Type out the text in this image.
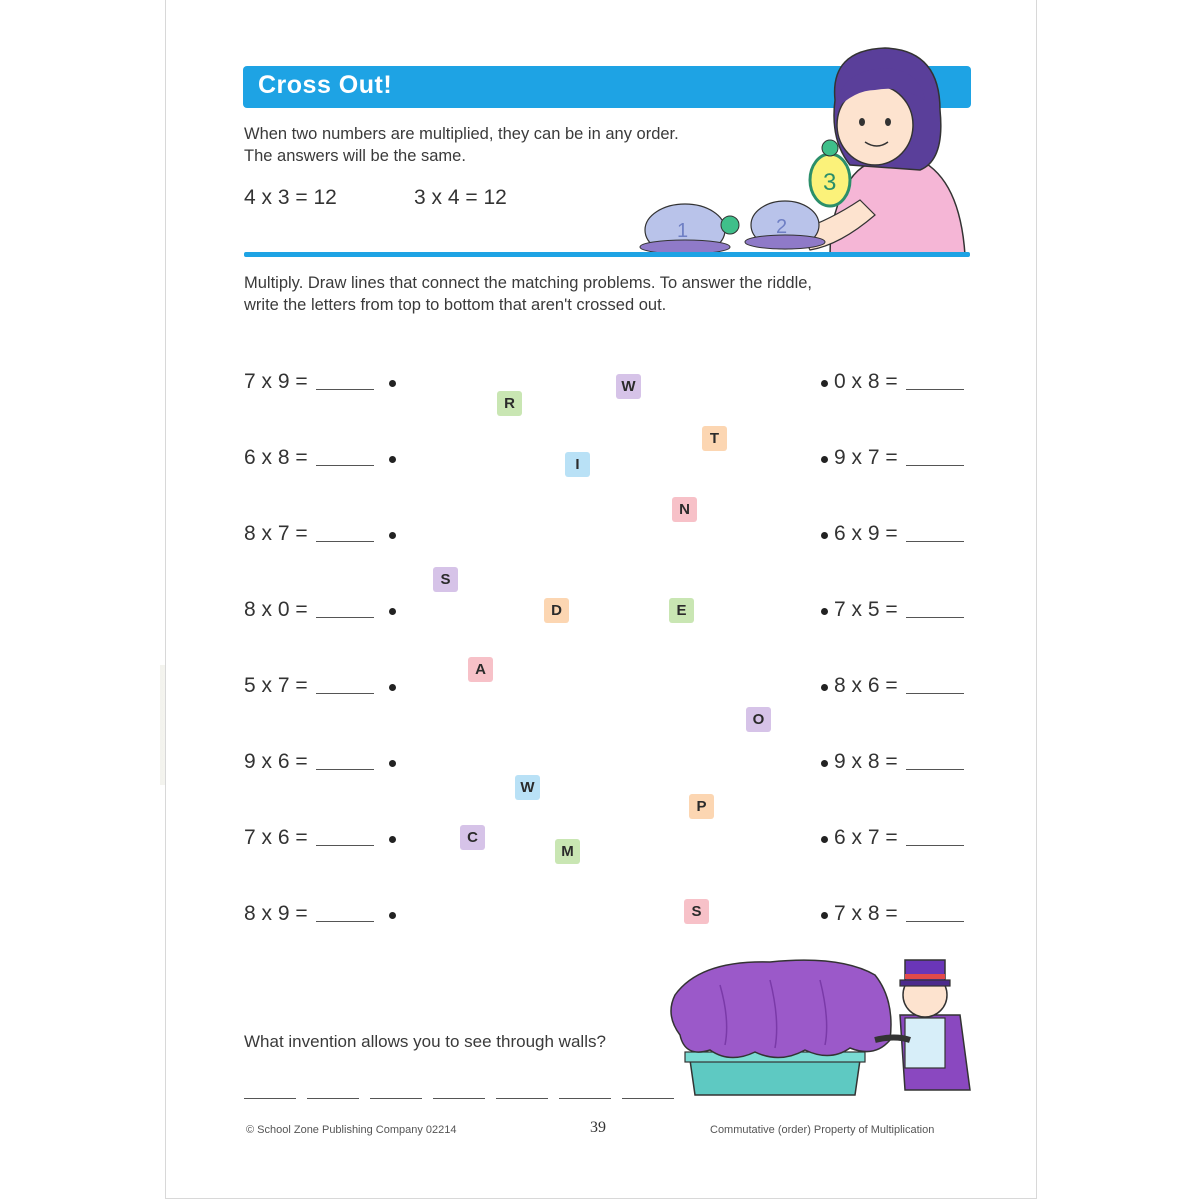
Cross Out!
3
1	2
When two numbers are multiplied, they can be in any order.
The answers will be the same.
4 x 3 = 12	3 x 4 = 12
Multiply. Draw lines that connect the matching problems. To answer the riddle,
write the letters from top to bottom that aren't crossed out.
7 x 9 =
6 x 8 =
8 x 7 =
8 x 0 =
5 x 7 =
9 x 6 =
7 x 6 =
8 x 9 =
0 x 8 =
9 x 7 =
6 x 9 =
7 x 5 =
8 x 6 =
9 x 8 =
6 x 7 =
7 x 8 =
W
R
T
I
N
S
D	E
A
O
W
P
C
M
S
What invention allows you to see through walls?
© School Zone Publishing Company 02214	39	Commutative (order) Property of Multiplication
